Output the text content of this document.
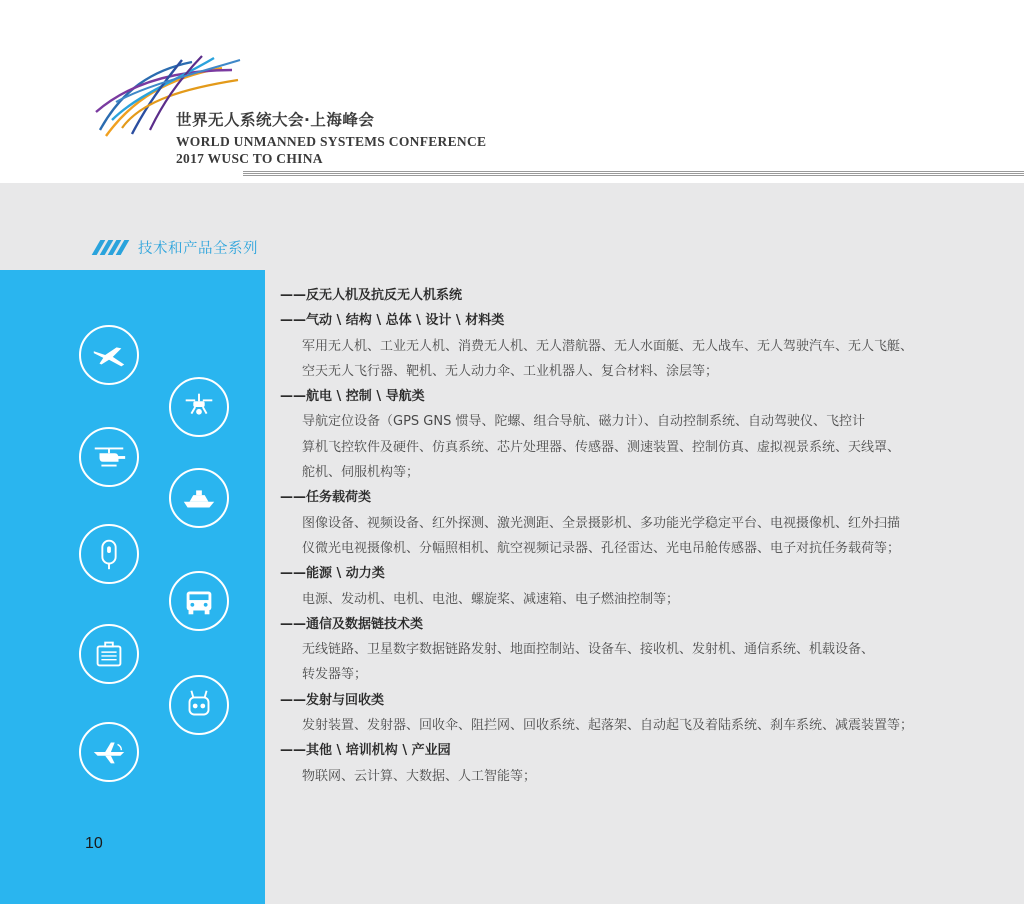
世界无人系统大会·上海峰会
WORLD UNMANNED SYSTEMS CONFERENCE
2017 WUSC TO CHINA
技术和产品全系列
10
——反无人机及抗反无人机系统
——气动 \ 结构 \ 总体 \ 设计 \ 材料类
军用无人机、工业无人机、消费无人机、无人潜航器、无人水面艇、无人战车、无人驾驶汽车、无人飞艇、
空天无人飞行器、靶机、无人动力伞、工业机器人、复合材料、涂层等；
——航电 \ 控制 \ 导航类
导航定位设备（GPS GNS 惯导、陀螺、组合导航、磁力计）、自动控制系统、自动驾驶仪、飞控计
算机飞控软件及硬件、仿真系统、芯片处理器、传感器、测速装置、控制仿真、虚拟视景系统、天线罩、
舵机、伺服机构等；
——任务载荷类
图像设备、视频设备、红外探测、激光测距、全景摄影机、多功能光学稳定平台、电视摄像机、红外扫描
仪微光电视摄像机、分幅照相机、航空视频记录器、孔径雷达、光电吊舱传感器、电子对抗任务载荷等；
——能源 \ 动力类
电源、发动机、电机、电池、螺旋桨、减速箱、电子燃油控制等；
——通信及数据链技术类
无线链路、卫星数字数据链路发射、地面控制站、设备车、接收机、发射机、通信系统、机载设备、
转发器等；
——发射与回收类
发射装置、发射器、回收伞、阻拦网、回收系统、起落架、自动起飞及着陆系统、刹车系统、减震装置等；
——其他 \ 培训机构 \ 产业园
物联网、云计算、大数据、人工智能等；
